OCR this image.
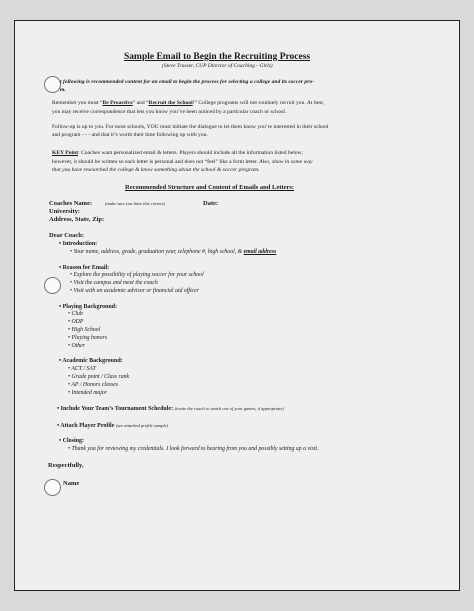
Sample Email to Begin the Recruiting Process
(Steve Trasser, CUP Director of Coaching - Girls)
t following is recommended content for an email to begin the process for selecting a college and its soccer pro-
m.
Remember you must “Be Proactive” and “Recruit the School!” College programs will not routinely recruit you. At best,
you may receive correspondence that lets you know you’ve been noticed by a particular coach or school.
Follow-up is up to you. For most schools, YOU must initiate the dialogue to let them know you’re interested in their school
and program - - - and that it’s worth their time following up with you.
KEY Point: Coaches want personalized email & letters. Players should include all the information listed below;
however, it should be written so each letter is personal and does not “feel” like a form letter. Also, show in some way
that you have researched the college & know something about the school & soccer program.
Recommended Structure and Content of Emails and Letters:
Coaches Name:	(make sure you have this correct)	Date:
University:
Address, State, Zip:
Dear Coach:
• Introduction:
• Your name, address, grade, graduation year, telephone #, high school, & email address
• Reason for Email:
• Explore the possibility of playing soccer for your school
• Visit the campus and meet the coach
• Visit with an academic advisor or financial aid officer
• Playing Background:
• Club
• ODP
• High School
• Playing honors
• Other
• Academic Background:
• ACT / SAT
• Grade point / Class rank
• AP / Honors classes
• Intended major
• Include Your Team’s Tournament Schedule: (invite the coach to watch one of your games, if appropriate)
• Attach Player Profile (see attached profile sample)
• Closing:
• Thank you for reviewing my credentials. I look forward to hearing from you and possibly setting up a visit.
Respectfully,
Name
